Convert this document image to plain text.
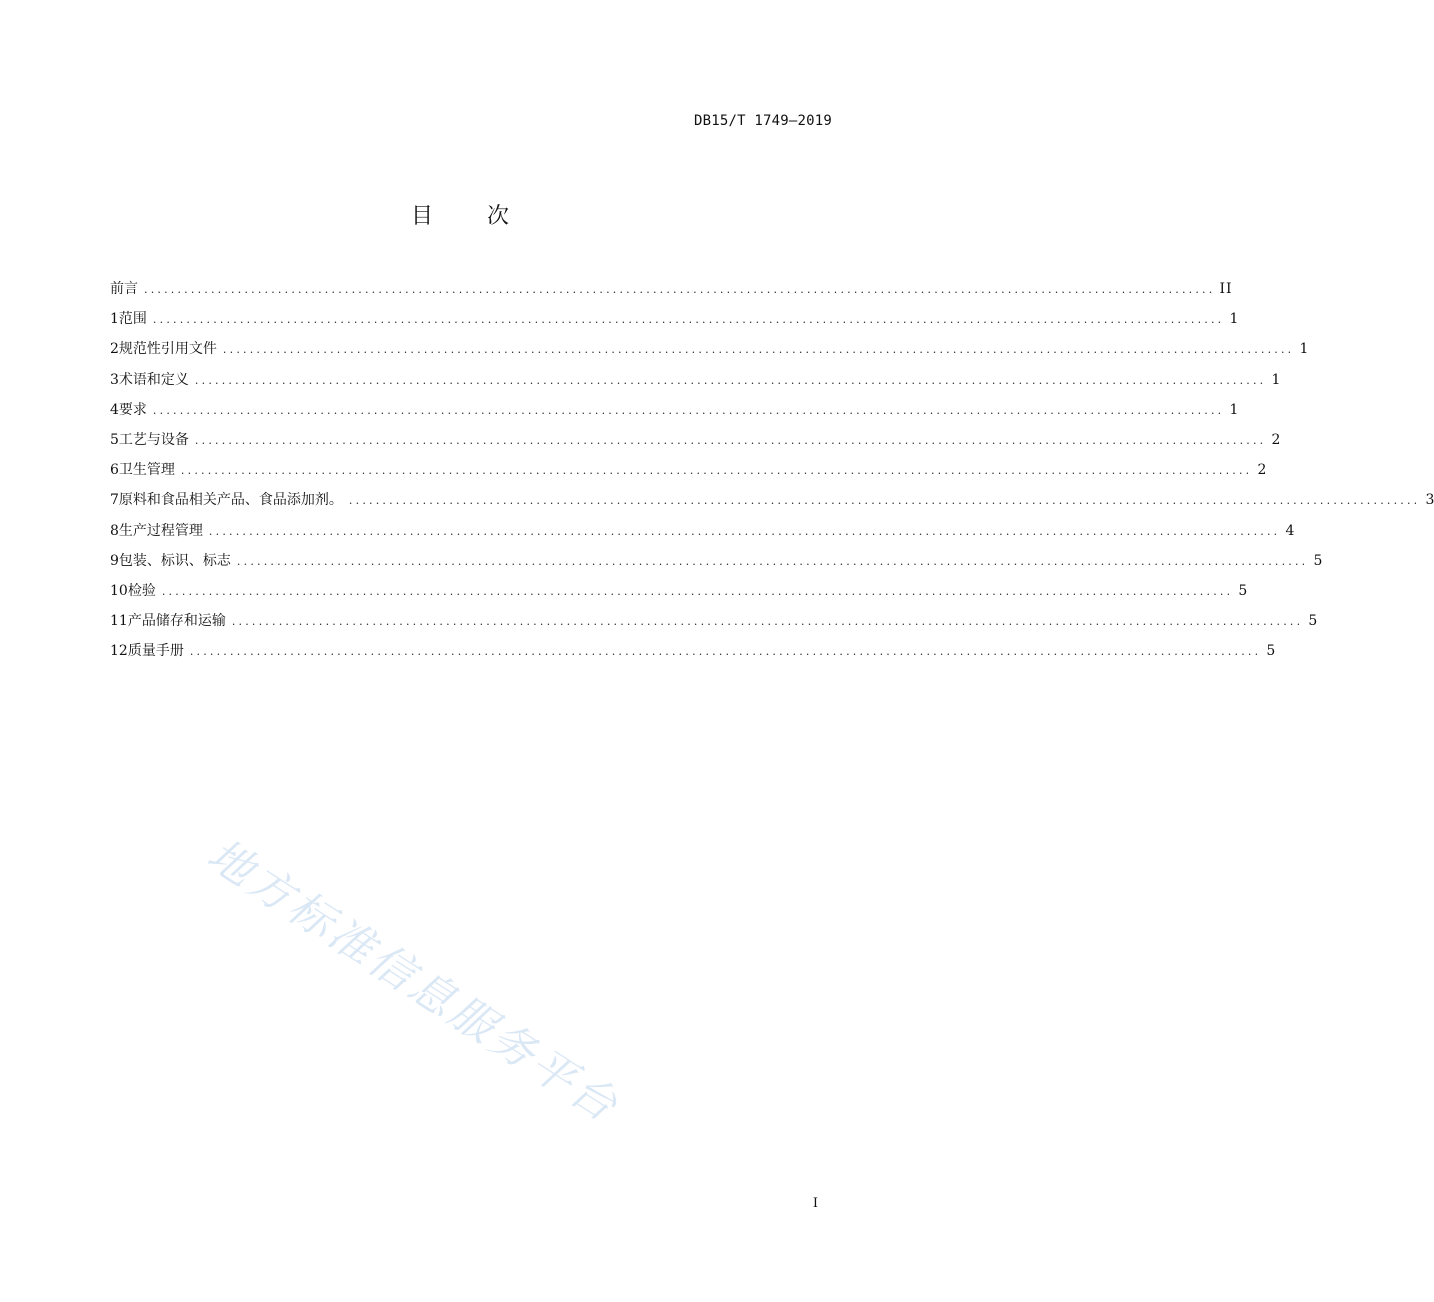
DB15/T 1749—2019
目 次
前言 ................................................................................................................................................................ II
1 范围 ................................................................................................................................................................ 1
2 规范性引用文件 ................................................................................................................................................................ 1
3 术语和定义 ................................................................................................................................................................ 1
4 要求 ................................................................................................................................................................ 1
5 工艺与设备 ................................................................................................................................................................ 2
6 卫生管理 ................................................................................................................................................................ 2
7 原料和食品相关产品、食品添加剂。 ................................................................................................................................................................ 3
8 生产过程管理 ................................................................................................................................................................ 4
9 包装、标识、标志 ................................................................................................................................................................ 5
10 检验 ................................................................................................................................................................ 5
11 产品储存和运输 ................................................................................................................................................................ 5
12 质量手册 ................................................................................................................................................................ 5
地方标准信息服务平台
I
